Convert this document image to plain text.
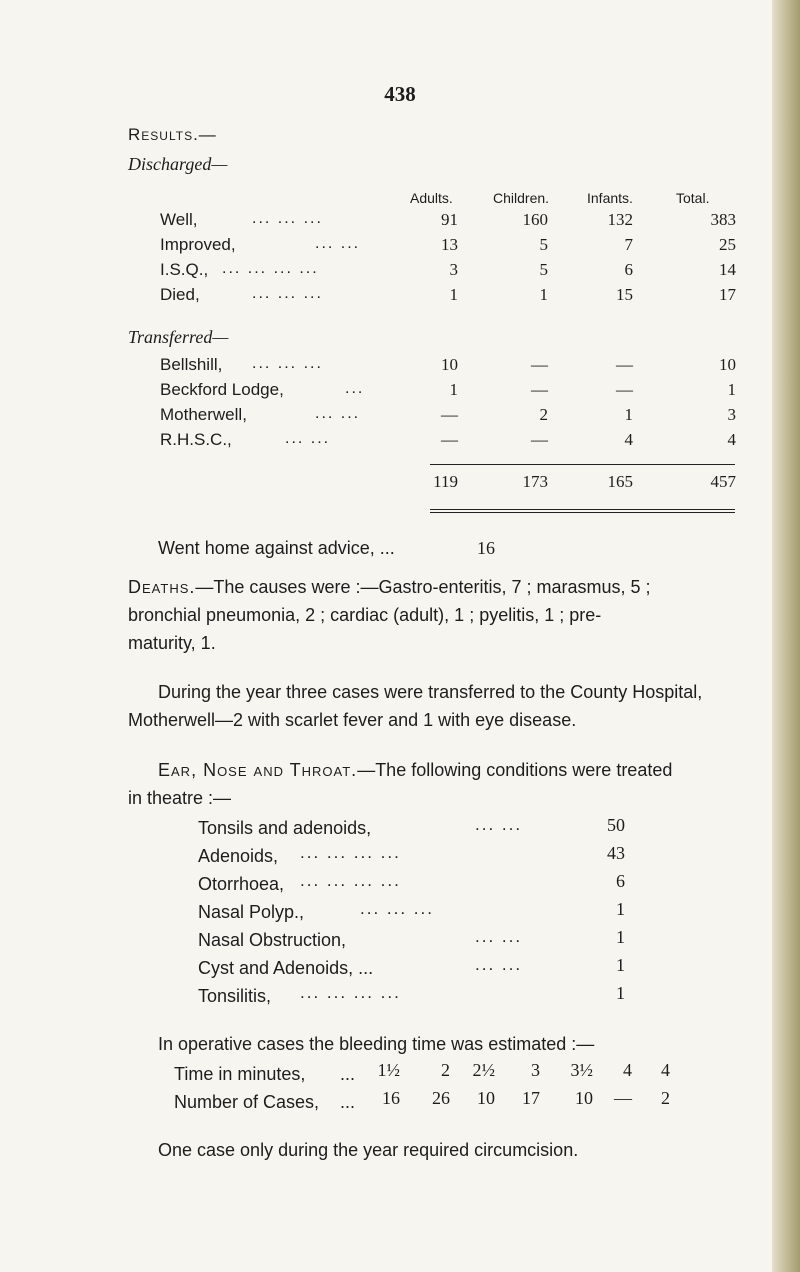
438
Results.—
Discharged—
Adults.	Children.	Infants.	Total.
Well,	... ... ...	91	160	132	383
Improved,	... ...	13	5	7	25
I.S.Q., ... ... ... ...	3	5	6	14
Died,	... ... ...	1	1	15	17
Transferred—
Bellshill, ... ... ...	10	—	—	10
Beckford Lodge,	...	1	—	—	1
Motherwell,	... ...	—	2	1	3
R.H.S.C.,	... ...	—	—	4	4
119	173	165	457
Went home against advice, ...	16
Deaths.—The causes were :—Gastro-enteritis, 7 ; marasmus, 5 ;
bronchial pneumonia, 2 ; cardiac (adult), 1 ; pyelitis, 1 ; pre-
maturity, 1.
During the year three cases were transferred to the County Hospital,
Motherwell—2 with scarlet fever and 1 with eye disease.
Ear, Nose and Throat.—The following conditions were treated
in theatre :—
Tonsils and adenoids,	... ...	50
Adenoids, ... ... ... ...	43
Otorrhoea, ... ... ... ...	6
Nasal Polyp.,	... ... ...	1
Nasal Obstruction,	... ...	1
Cyst and Adenoids, ...	... ...	1
Tonsilitis, ... ... ... ...	1
In operative cases the bleeding time was estimated :—
Time in minutes, ...	1½	2	2½	3	3½	4	4
Number of Cases, ...	16	26	10	17	10	—	2
One case only during the year required circumcision.
